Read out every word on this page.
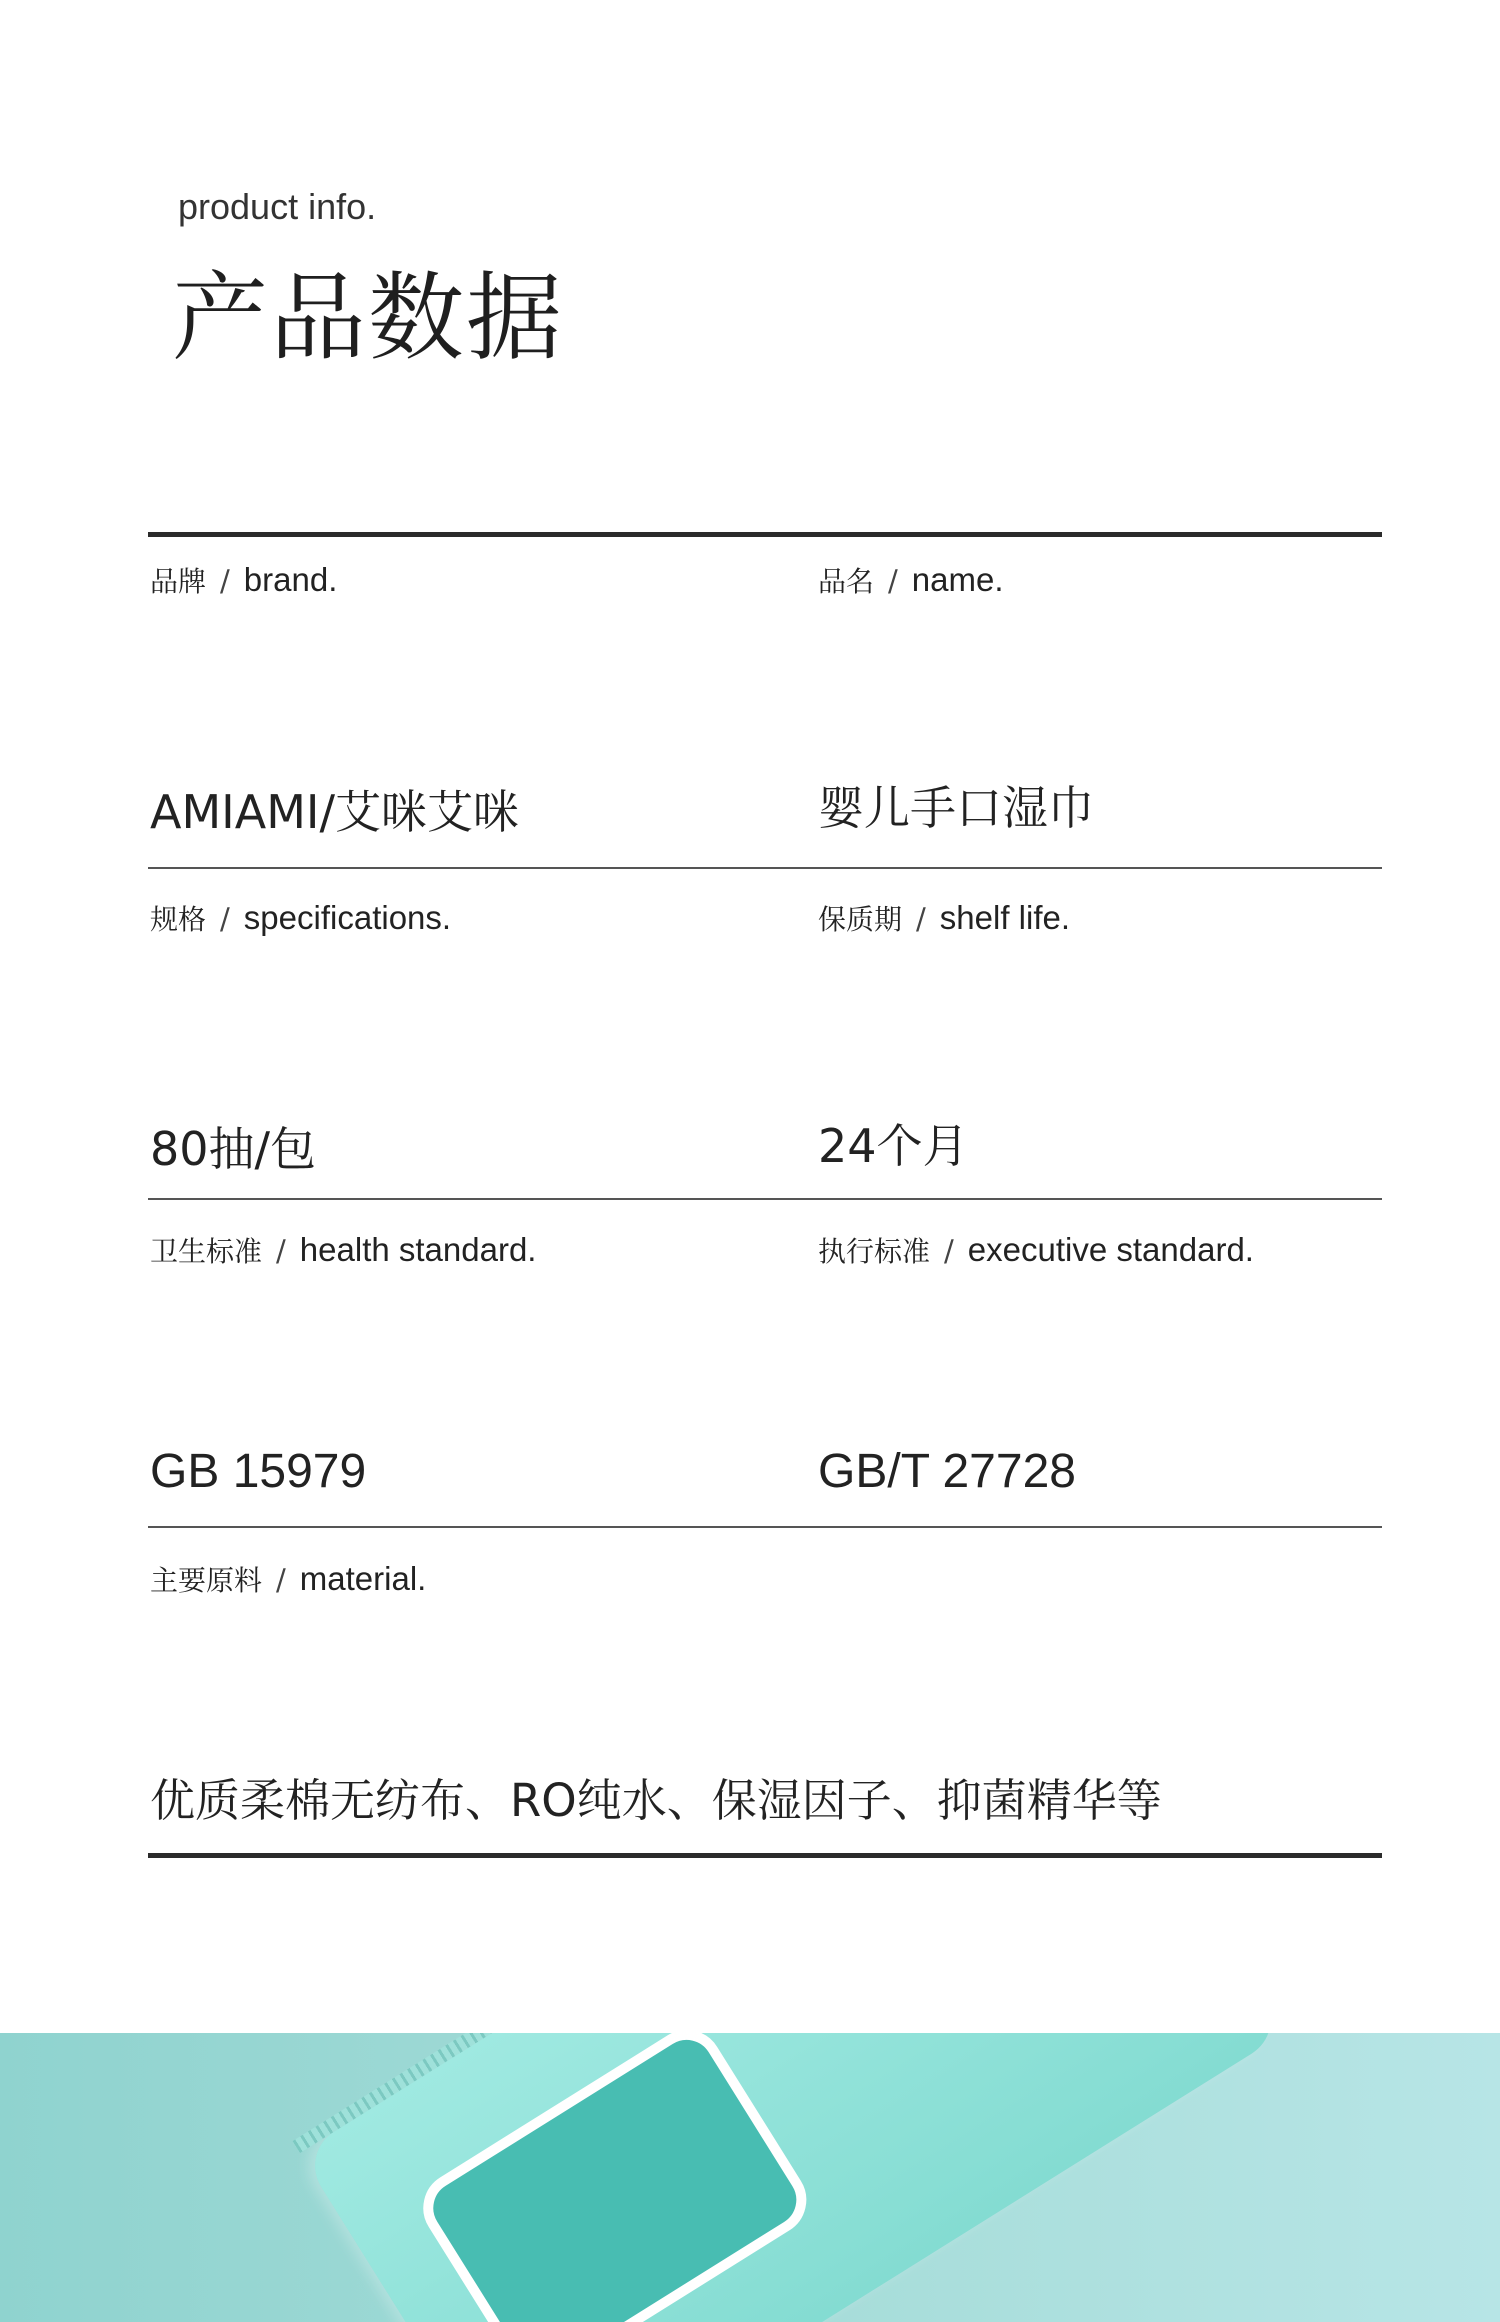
product info.
产品数据
品牌 / brand.	品名 / name.
AMIAMI/艾咪艾咪	婴儿手口湿巾
规格 / specifications.	保质期 / shelf life.
80抽/包	24个月
卫生标准 / health standard.	执行标准 / executive standard.
GB 15979	GB/T 27728
主要原料 / material.
优质柔棉无纺布、RO纯水、保湿因子、抑菌精华等
